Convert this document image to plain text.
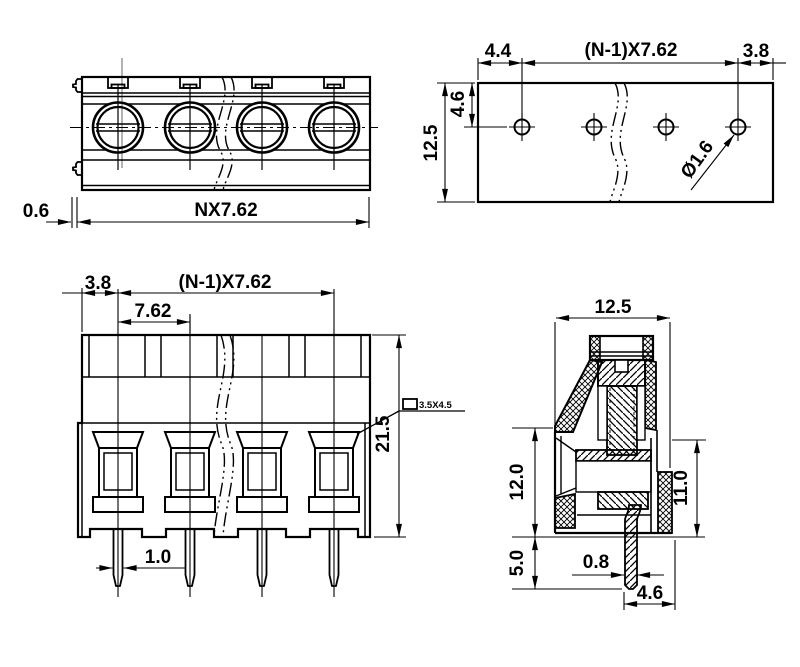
0.6	NX7.62
4.4	(N-1)X7.62	3.8
12.5
4.6
Ø1.6
3.8	(N-1)X7.62
7.62
21.5
1.0
3.5X4.5
12.5
12.0
5.0
11.0
0.8
4.6
